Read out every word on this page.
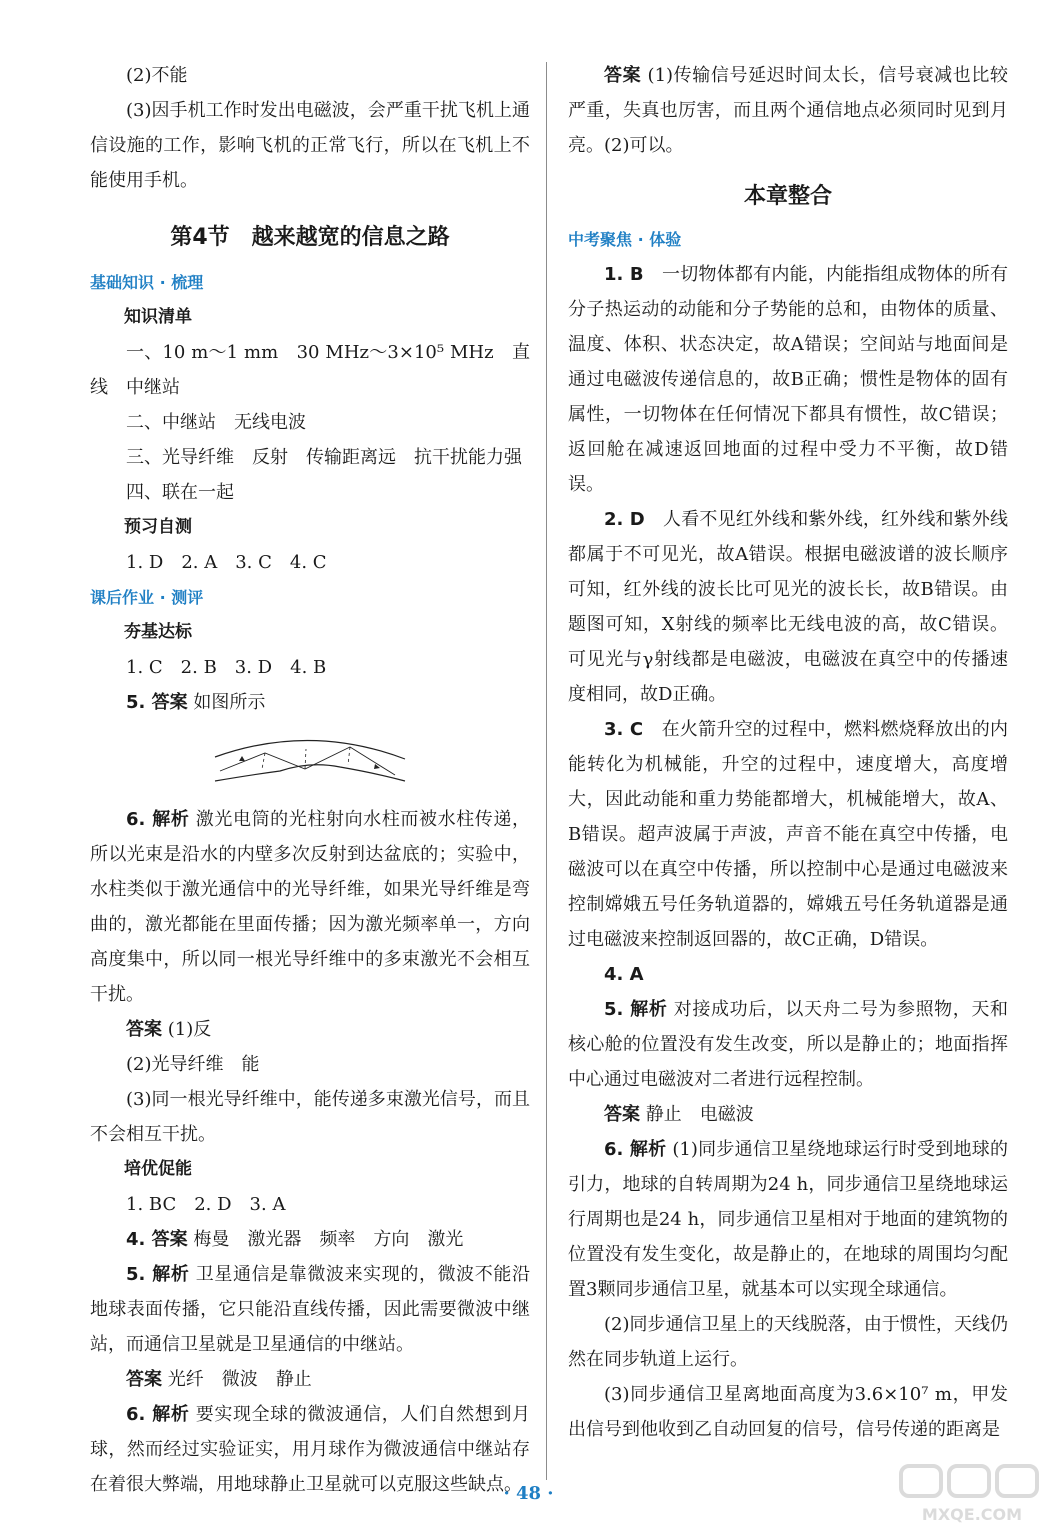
(2)不能

(3)因手机工作时发出电磁波，会严重干扰飞机上通信设施的工作，影响飞机的正常飞行，所以在飞机上不能使用手机。

第4节　越来越宽的信息之路

基础知识 · 梳理

知识清单

一、10 m～1 mm　30 MHz～3×10⁵ MHz　直线　中继站

二、中继站　无线电波

三、光导纤维　反射　传输距离远　抗干扰能力强

四、联在一起

预习自测

1. D　2. A　3. C　4. C

课后作业 · 测评

夯基达标

1. C　2. B　3. D　4. B

5. 答案 如图所示

6. 解析 激光电筒的光柱射向水柱而被水柱传递，所以光束是沿水的内壁多次反射到达盆底的；实验中，水柱类似于激光通信中的光导纤维，如果光导纤维是弯曲的，激光都能在里面传播；因为激光频率单一，方向高度集中，所以同一根光导纤维中的多束激光不会相互干扰。

答案 (1)反

(2)光导纤维　能

(3)同一根光导纤维中，能传递多束激光信号，而且不会相互干扰。

培优促能

1. BC　2. D　3. A

4. 答案 梅曼　激光器　频率　方向　激光

5. 解析 卫星通信是靠微波来实现的，微波不能沿地球表面传播，它只能沿直线传播，因此需要微波中继站，而通信卫星就是卫星通信的中继站。

答案 光纤　微波　静止

6. 解析 要实现全球的微波通信，人们自然想到月球，然而经过实验证实，用月球作为微波通信中继站存在着很大弊端，用地球静止卫星就可以克服这些缺点。

答案 (1)传输信号延迟时间太长，信号衰减也比较严重，失真也厉害，而且两个通信地点必须同时见到月亮。(2)可以。

本章整合

中考聚焦 · 体验

1. B　一切物体都有内能，内能指组成物体的所有分子热运动的动能和分子势能的总和，由物体的质量、温度、体积、状态决定，故A错误；空间站与地面间是通过电磁波传递信息的，故B正确；惯性是物体的固有属性，一切物体在任何情况下都具有惯性，故C错误；返回舱在减速返回地面的过程中受力不平衡，故D错误。

2. D　人看不见红外线和紫外线，红外线和紫外线都属于不可见光，故A错误。根据电磁波谱的波长顺序可知，红外线的波长比可见光的波长长，故B错误。由题图可知，X射线的频率比无线电波的高，故C错误。可见光与γ射线都是电磁波，电磁波在真空中的传播速度相同，故D正确。

3. C　在火箭升空的过程中，燃料燃烧释放出的内能转化为机械能，升空的过程中，速度增大，高度增大，因此动能和重力势能都增大，机械能增大，故A、B错误。超声波属于声波，声音不能在真空中传播，电磁波可以在真空中传播，所以控制中心是通过电磁波来控制嫦娥五号任务轨道器的，嫦娥五号任务轨道器是通过电磁波来控制返回器的，故C正确，D错误。

4. A

5. 解析 对接成功后，以天舟二号为参照物，天和核心舱的位置没有发生改变，所以是静止的；地面指挥中心通过电磁波对二者进行远程控制。

答案 静止　电磁波

6. 解析 (1)同步通信卫星绕地球运行时受到地球的引力，地球的自转周期为24 h，同步通信卫星绕地球运行周期也是24 h，同步通信卫星相对于地面的建筑物的位置没有发生变化，故是静止的，在地球的周围均匀配置3颗同步通信卫星，就基本可以实现全球通信。

(2)同步通信卫星上的天线脱落，由于惯性，天线仍然在同步轨道上运行。

(3)同步通信卫星离地面高度为3.6×10⁷ m，甲发出信号到他收到乙自动回复的信号，信号传递的距离是

· 48 ·
MXQE.COM
